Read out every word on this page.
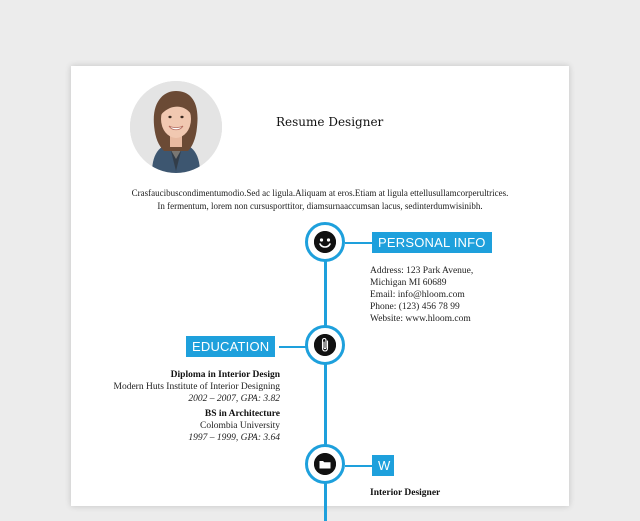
Resume Designer
Crasfaucibuscondimentumodio.Sed ac ligula.Aliquam at eros.Etiam at ligula ettellusullamcorperultrices.
In fermentum, lorem non cursusporttitor, diamsurnaaccumsan lacus, sedinterdumwisinibh.
PERSONAL INFO
Address: 123 Park Avenue,
Michigan MI 60689
Email: info@hloom.com
Phone: (123) 456 78 99
Website: www.hloom.com
EDUCATION
Diploma in Interior Design
Modern Huts Institute of Interior Designing
2002 – 2007, GPA: 3.82
BS in Architecture
Colombia University
1997 – 1999, GPA: 3.64
W
Interior Designer
